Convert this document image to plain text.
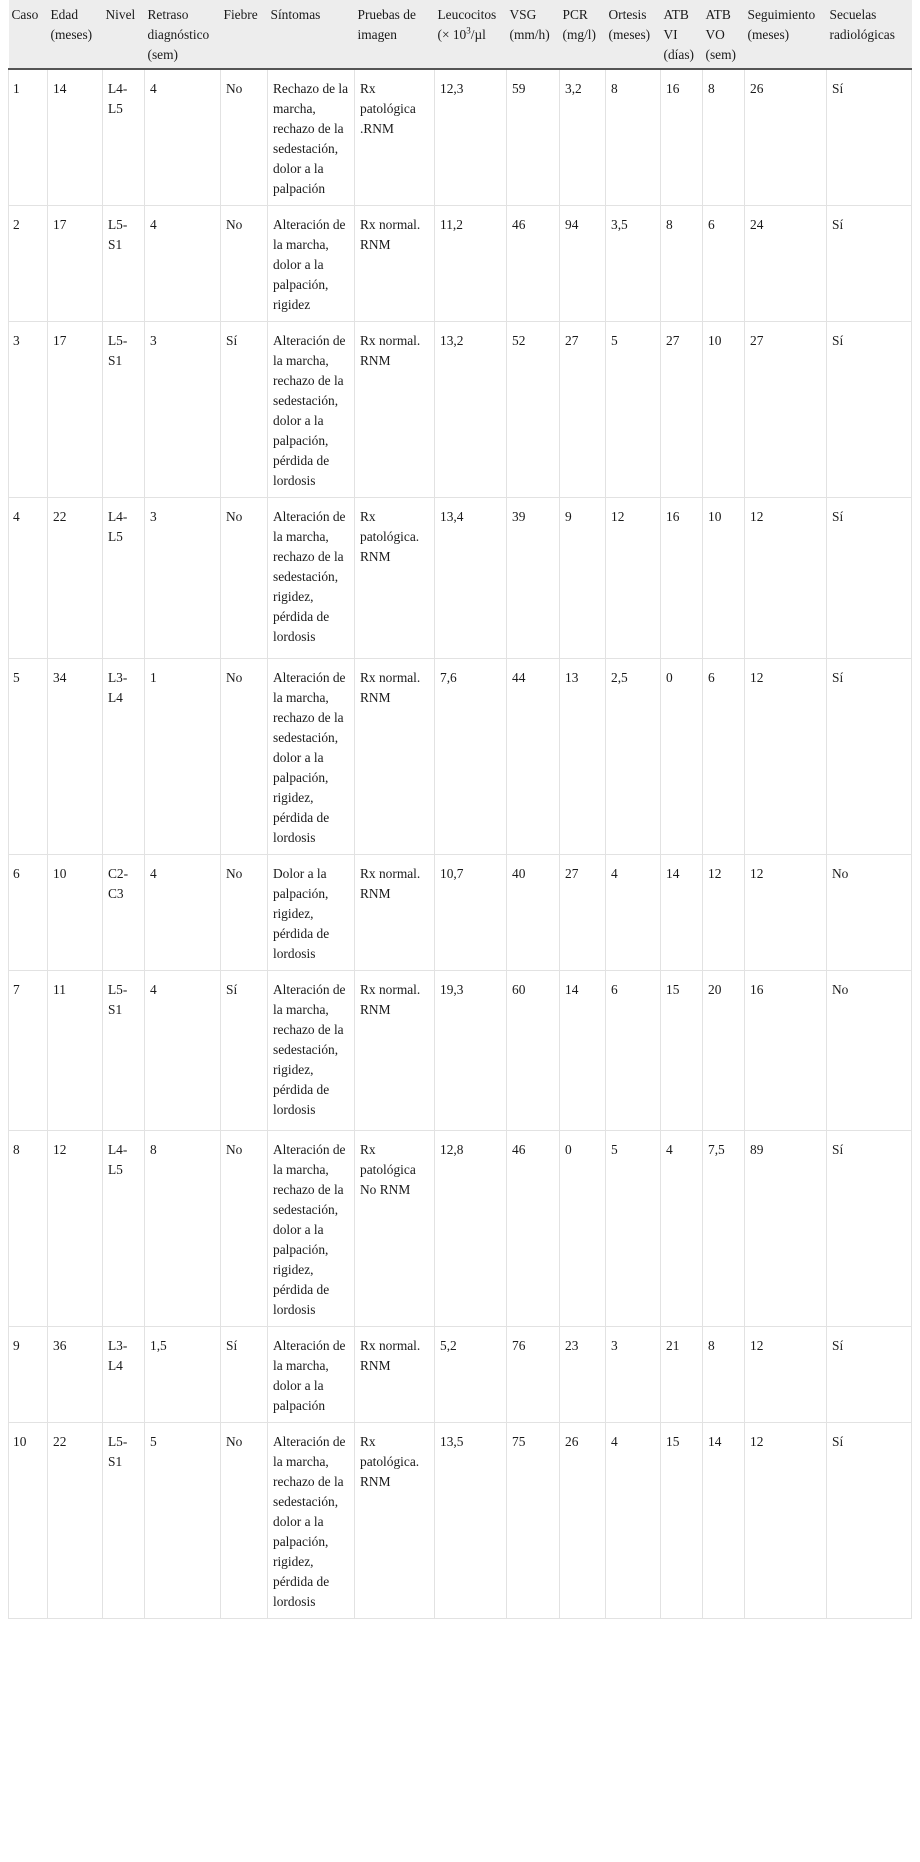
Caso	Edad (meses)	Nivel	Retraso diagnóstico (sem)	Fiebre	Síntomas	Pruebas de imagen	Leucocitos (× $10^3/\mu l$	VSG (mm/h)	PCR (mg/l)	Ortesis (meses)	ATB VI (días)	ATB VO (sem)	Seguimiento (meses)	Secuelas radiológicas
1	14	L4-L5	4	No	Rechazo de la marcha, rechazo de la sedestación, dolor a la palpación	Rx patológica .RNM	12,3	59	3,2	8	16	8	26	Sí
2	17	L5-S1	4	No	Alteración de la marcha, dolor a la palpación, rigidez	Rx normal. RNM	11,2	46	94	3,5	8	6	24	Sí
3	17	L5-S1	3	Sí	Alteración de la marcha, rechazo de la sedestación, dolor a la palpación, pérdida de lordosis	Rx normal. RNM	13,2	52	27	5	27	10	27	Sí
4	22	L4-L5	3	No	Alteración de la marcha, rechazo de la sedestación, rigidez, pérdida de lordosis	Rx patológica. RNM	13,4	39	9	12	16	10	12	Sí
5	34	L3-L4	1	No	Alteración de la marcha, rechazo de la sedestación, dolor a la palpación, rigidez, pérdida de lordosis	Rx normal. RNM	7,6	44	13	2,5	0	6	12	Sí
6	10	C2-C3	4	No	Dolor a la palpación, rigidez, pérdida de lordosis	Rx normal. RNM	10,7	40	27	4	14	12	12	No
7	11	L5-S1	4	Sí	Alteración de la marcha, rechazo de la sedestación, rigidez, pérdida de lordosis	Rx normal. RNM	19,3	60	14	6	15	20	16	No
8	12	L4-L5	8	No	Alteración de la marcha, rechazo de la sedestación, dolor a la palpación, rigidez, pérdida de lordosis	Rx patológica No RNM	12,8	46	0	5	4	7,5	89	Sí
9	36	L3-L4	1,5	Sí	Alteración de la marcha, dolor a la palpación	Rx normal. RNM	5,2	76	23	3	21	8	12	Sí
10	22	L5-S1	5	No	Alteración de la marcha, rechazo de la sedestación, dolor a la palpación, rigidez, pérdida de lordosis	Rx patológica. RNM	13,5	75	26	4	15	14	12	Sí
